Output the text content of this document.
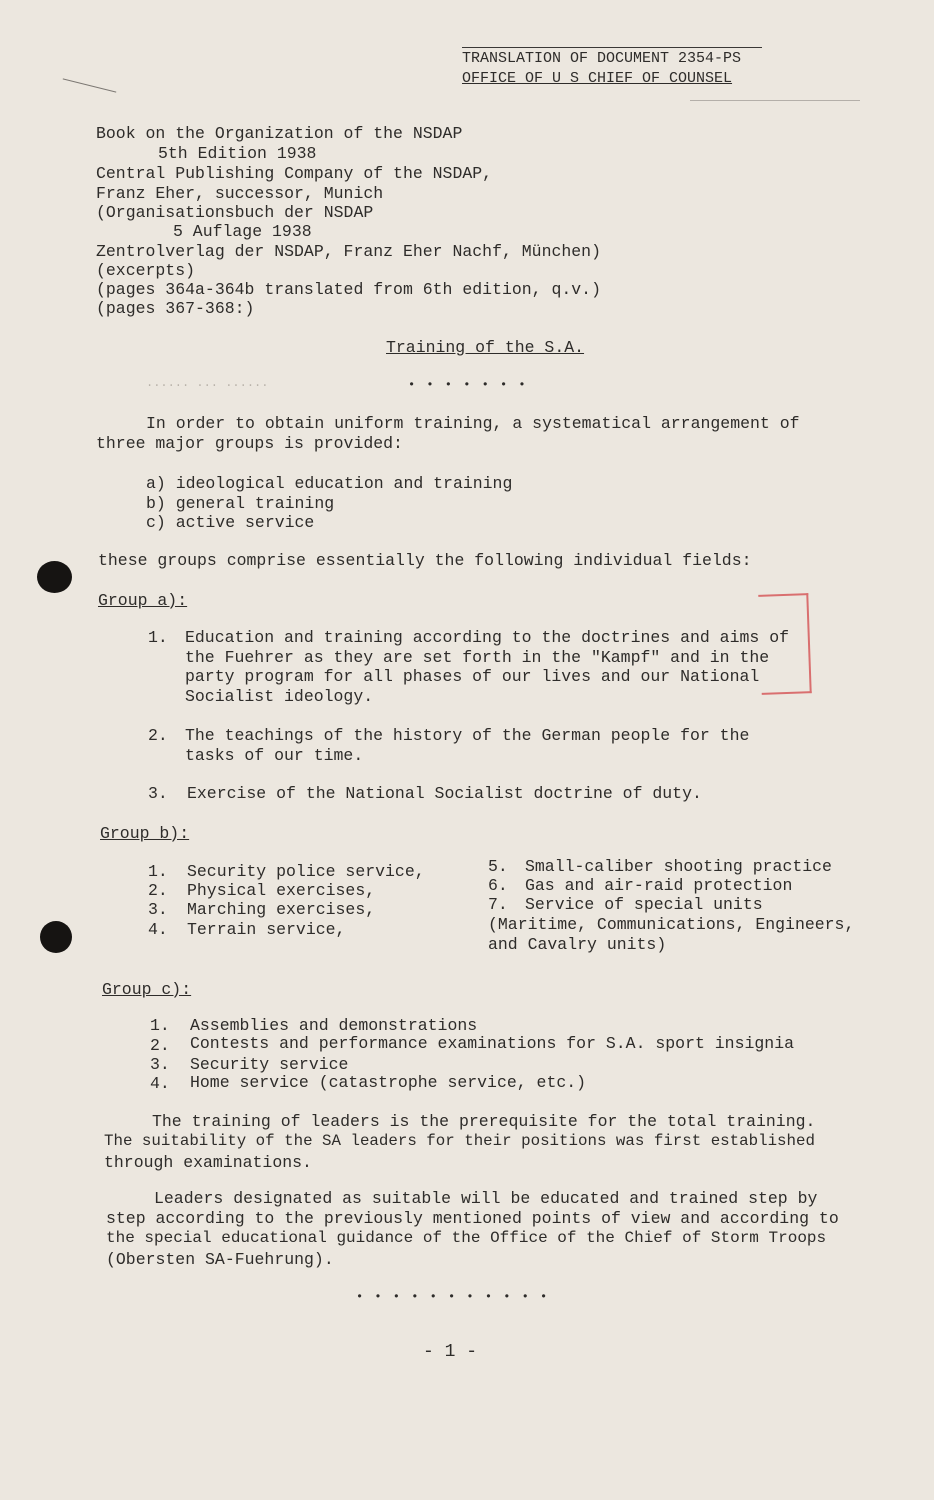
TRANSLATION OF DOCUMENT 2354-PS
OFFICE OF U S CHIEF OF COUNSEL
Book on the Organization of the NSDAP
5th Edition 1938
Central Publishing Company of the NSDAP,
Franz Eher, successor, Munich
(Organisationsbuch der NSDAP
5 Auflage 1938
Zentrolverlag der NSDAP, Franz Eher Nachf, München)
(excerpts)
(pages 364a-364b translated from 6th edition, q.v.)
(pages 367-368:)
Training of the S.A.
...... ... ......	• • • • • • •
In order to obtain uniform training, a systematical arrangement of
three major groups is provided:
a) ideological education and training
b) general training
c) active service
these groups comprise essentially the following individual fields:
Group a):
1. Education and training according to the doctrines and aims of
the Fuehrer as they are set forth in the "Kampf" and in the
party program for all phases of our lives and our National
Socialist ideology.
2. The teachings of the history of the German people for the
tasks of our time.
3. Exercise of the National Socialist doctrine of duty.
Group b):
1. Security police service,
2. Physical exercises,
3. Marching exercises,
4. Terrain service,
5. Small-caliber shooting practice
6. Gas and air-raid protection
7. Service of special units
(Maritime, Communications, Engineers,
and Cavalry units)
Group c):
1. Assemblies and demonstrations
2. Contests and performance examinations for S.A. sport insignia
3. Security service
4. Home service (catastrophe service, etc.)
The training of leaders is the prerequisite for the total training.
The suitability of the SA leaders for their positions was first established
through examinations.
Leaders designated as suitable will be educated and trained step by
step according to the previously mentioned points of view and according to
the special educational guidance of the Office of the Chief of Storm Troops
(Obersten SA-Fuehrung).
• • • • • • • • • • •
- 1 -
